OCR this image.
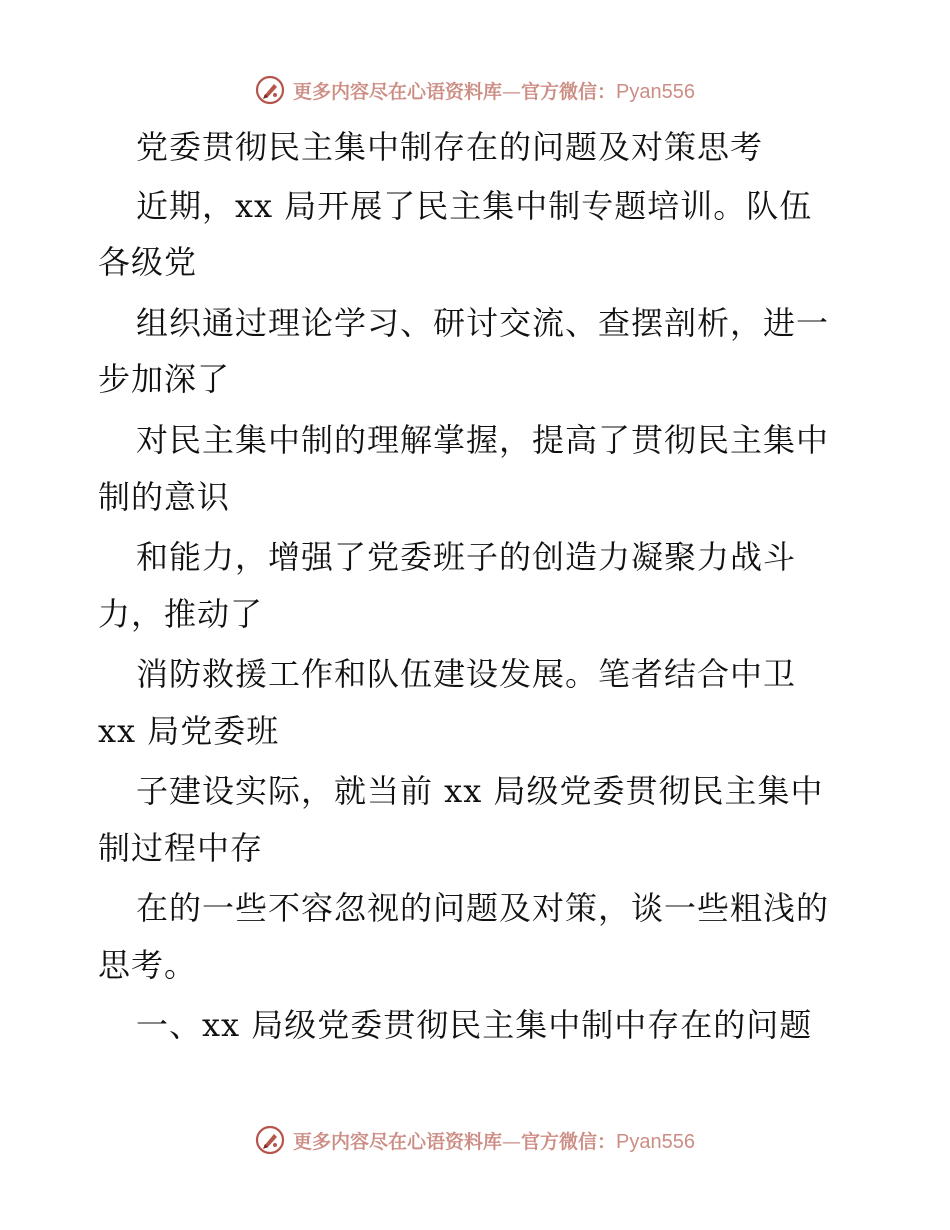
更多内容尽在心语资料库 — 官方微信： Pyan556
党委贯彻民主集中制存在的问题及对策思考
近期，xx 局开展了民主集中制专题培训。队伍
各级党
组织通过理论学习、研讨交流、查摆剖析，进一
步加深了
对民主集中制的理解掌握，提高了贯彻民主集中
制的意识
和能力，增强了党委班子的创造力凝聚力战斗
力，推动了
消防救援工作和队伍建设发展。笔者结合中卫
xx 局党委班
子建设实际，就当前 xx 局级党委贯彻民主集中
制过程中存
在的一些不容忽视的问题及对策，谈一些粗浅的
思考。
一、xx 局级党委贯彻民主集中制中存在的问题
更多内容尽在心语资料库 — 官方微信： Pyan556
